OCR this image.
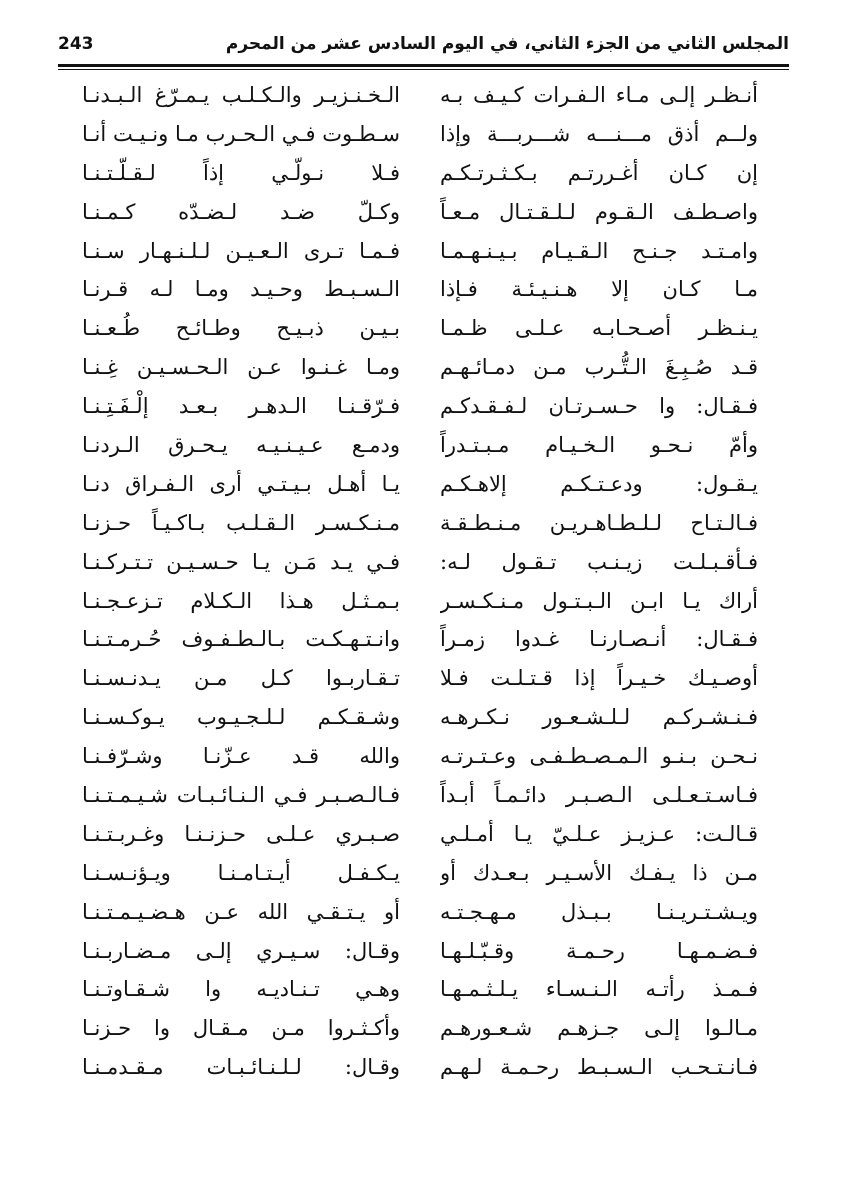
المجلس الثاني من الجزء الثاني، في اليوم السادس عشر من المحرم
243
أنـظـر إلـى مـاء الـفـرات كـيـف بـه
ولــم أذق مـــنـــه شـــربـــة وإذا
إن كـان أغـررتـم بـكـثـرتـكـم
واصـطـف الـقـوم لـلـقـتـال مـعـاً
وامـتـد جـنـح الـقـيـام بـيـنـهـمـا
مـا كـان إلا هـنـيـئـة فـإذا
يـنـظـر أصـحـابـه عـلـى ظـمـا
قـد صُـبِـغَ الـتُّـرب مـن دمـائـهـم
فـقـال: وا حـسـرتـان لـفـقـدكـم
وأمّ نـحـو الـخـيـام مـبـتـدراً
يـقـول: ودعـتـكـم إلاهـكـم
فـالـتـاح لـلـطـاهـريـن مـنـطـقـة
فـأقـبـلـت زيـنـب تـقـول لـه:
أراك يـا ابـن الـبـتـول مـنـكـسـر
فـقـال: أنـصـارنـا غـدوا زمـراً
أوصـيـك خـيـراً إذا قـتـلـت فـلا
فـنـشـركـم لـلـشـعـور نـكـرهـه
نـحـن بـنـو الـمـصـطـفـى وعـتـرتـه
فـاسـتـعـلـى الـصـبـر دائـمـاً أبـداً
قـالـت: عـزيـز عـلـيّ يـا أمـلـي
مـن ذا يـفـك الأسـيـر بـعـدك أو
ويـشـتـريـنـا بـبـذل مـهـجـتـه
فـضـمـهـا رحـمـة وقـبّـلـهـا
فـمـذ رأتـه الـنـسـاء يـلـثـمـهـا
مـالـوا إلـى جـزهـم شـعـورهـم
فـانـتـحـب الـسـبـط رحـمـة لـهـم
الـخـنـزيـر والـكـلـب يـمـرّغ الـبـدنـا
سـطـوت فـي الـحـرب مـا ونـيـت أنـا
فـلا نـولّـي إذاً لـقـلّـتـنـا
وكـلّ ضـد لـضـدّه كـمـنـا
فـمـا تـرى الـعـيـن لـلـنـهـار سـنـا
الـسـبـط وحـيـد ومـا لـه قـرنـا
بـيـن ذبـيـح وطـائـح طُـعـنـا
ومـا غـنـوا عـن الـحـسـيـن غِـنـا
فـرّقـنـا الـدهـر بـعـد إلْـفَـتِـنـا
ودمـع عـيـنـيـه يـحـرق الـردنـا
يـا أهـل بـيـتـي أرى الـفـراق دنـا
مـنـكـسـر الـقـلـب بـاكـيـاً حـزنـا
فـي يـد مَـن يـا حـسـيـن تـتـركـنـا
بـمـثـل هـذا الـكـلام تـزعـجـنـا
وانـتـهـكـت بـالـطـفـوف حُـرمـتـنـا
تـقـاربـوا كـل مـن يـدنـسـنـا
وشـقـكـم لـلـجـيـوب يـوكـسـنـا
والله قـد عـزّنـا وشـرّفـنـا
فـالـصـبـر فـي الـنـائـبـات شـيـمـتـنـا
صـبـري عـلـى حـزنـنـا وغـربـتـنـا
يـكـفـل أيـتـامـنـا ويـؤنـسـنـا
أو يـتـقـي الله عـن هـضـيـمـتـنـا
وقـال: سـيـري إلـى مـضـاربـنـا
وهـي تـنـاديـه وا شـقـاوتـنـا
وأكـثـروا مـن مـقـال وا حـزنـا
وقـال: لـلـنـائـبـات مـقـدمـنـا
